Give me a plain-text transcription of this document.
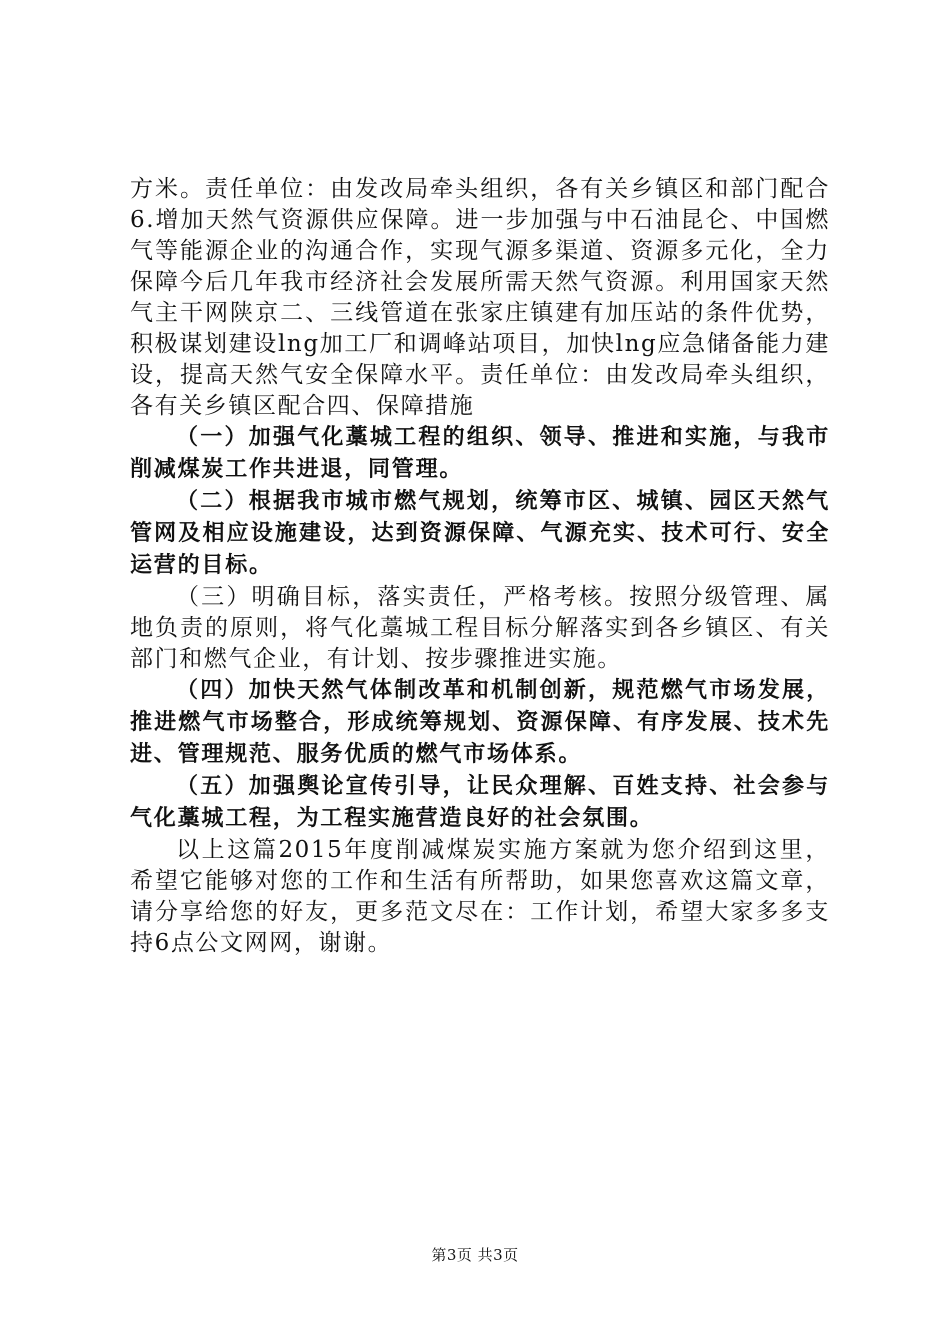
方米。责任单位：由发改局牵头组织，各有关乡镇区和部门配合6.增加天然气资源供应保障。进一步加强与中石油昆仑、中国燃气等能源企业的沟通合作，实现气源多渠道、资源多元化，全力保障今后几年我市经济社会发展所需天然气资源。利用国家天然气主干网陕京二、三线管道在张家庄镇建有加压站的条件优势，积极谋划建设lng加工厂和调峰站项目，加快lng应急储备能力建设，提高天然气安全保障水平。责任单位：由发改局牵头组织，各有关乡镇区配合四、保障措施

（一）加强气化藁城工程的组织、领导、推进和实施，与我市削减煤炭工作共进退，同管理。

（二）根据我市城市燃气规划，统筹市区、城镇、园区天然气管网及相应设施建设，达到资源保障、气源充实、技术可行、安全运营的目标。

（三）明确目标，落实责任，严格考核。按照分级管理、属地负责的原则，将气化藁城工程目标分解落实到各乡镇区、有关部门和燃气企业，有计划、按步骤推进实施。

（四）加快天然气体制改革和机制创新，规范燃气市场发展，推进燃气市场整合，形成统筹规划、资源保障、有序发展、技术先进、管理规范、服务优质的燃气市场体系。

（五）加强舆论宣传引导，让民众理解、百姓支持、社会参与气化藁城工程，为工程实施营造良好的社会氛围。

以上这篇2015年度削减煤炭实施方案就为您介绍到这里，希望它能够对您的工作和生活有所帮助，如果您喜欢这篇文章，请分享给您的好友，更多范文尽在：工作计划，希望大家多多支持6点公文网网，谢谢。

第3页 共3页
